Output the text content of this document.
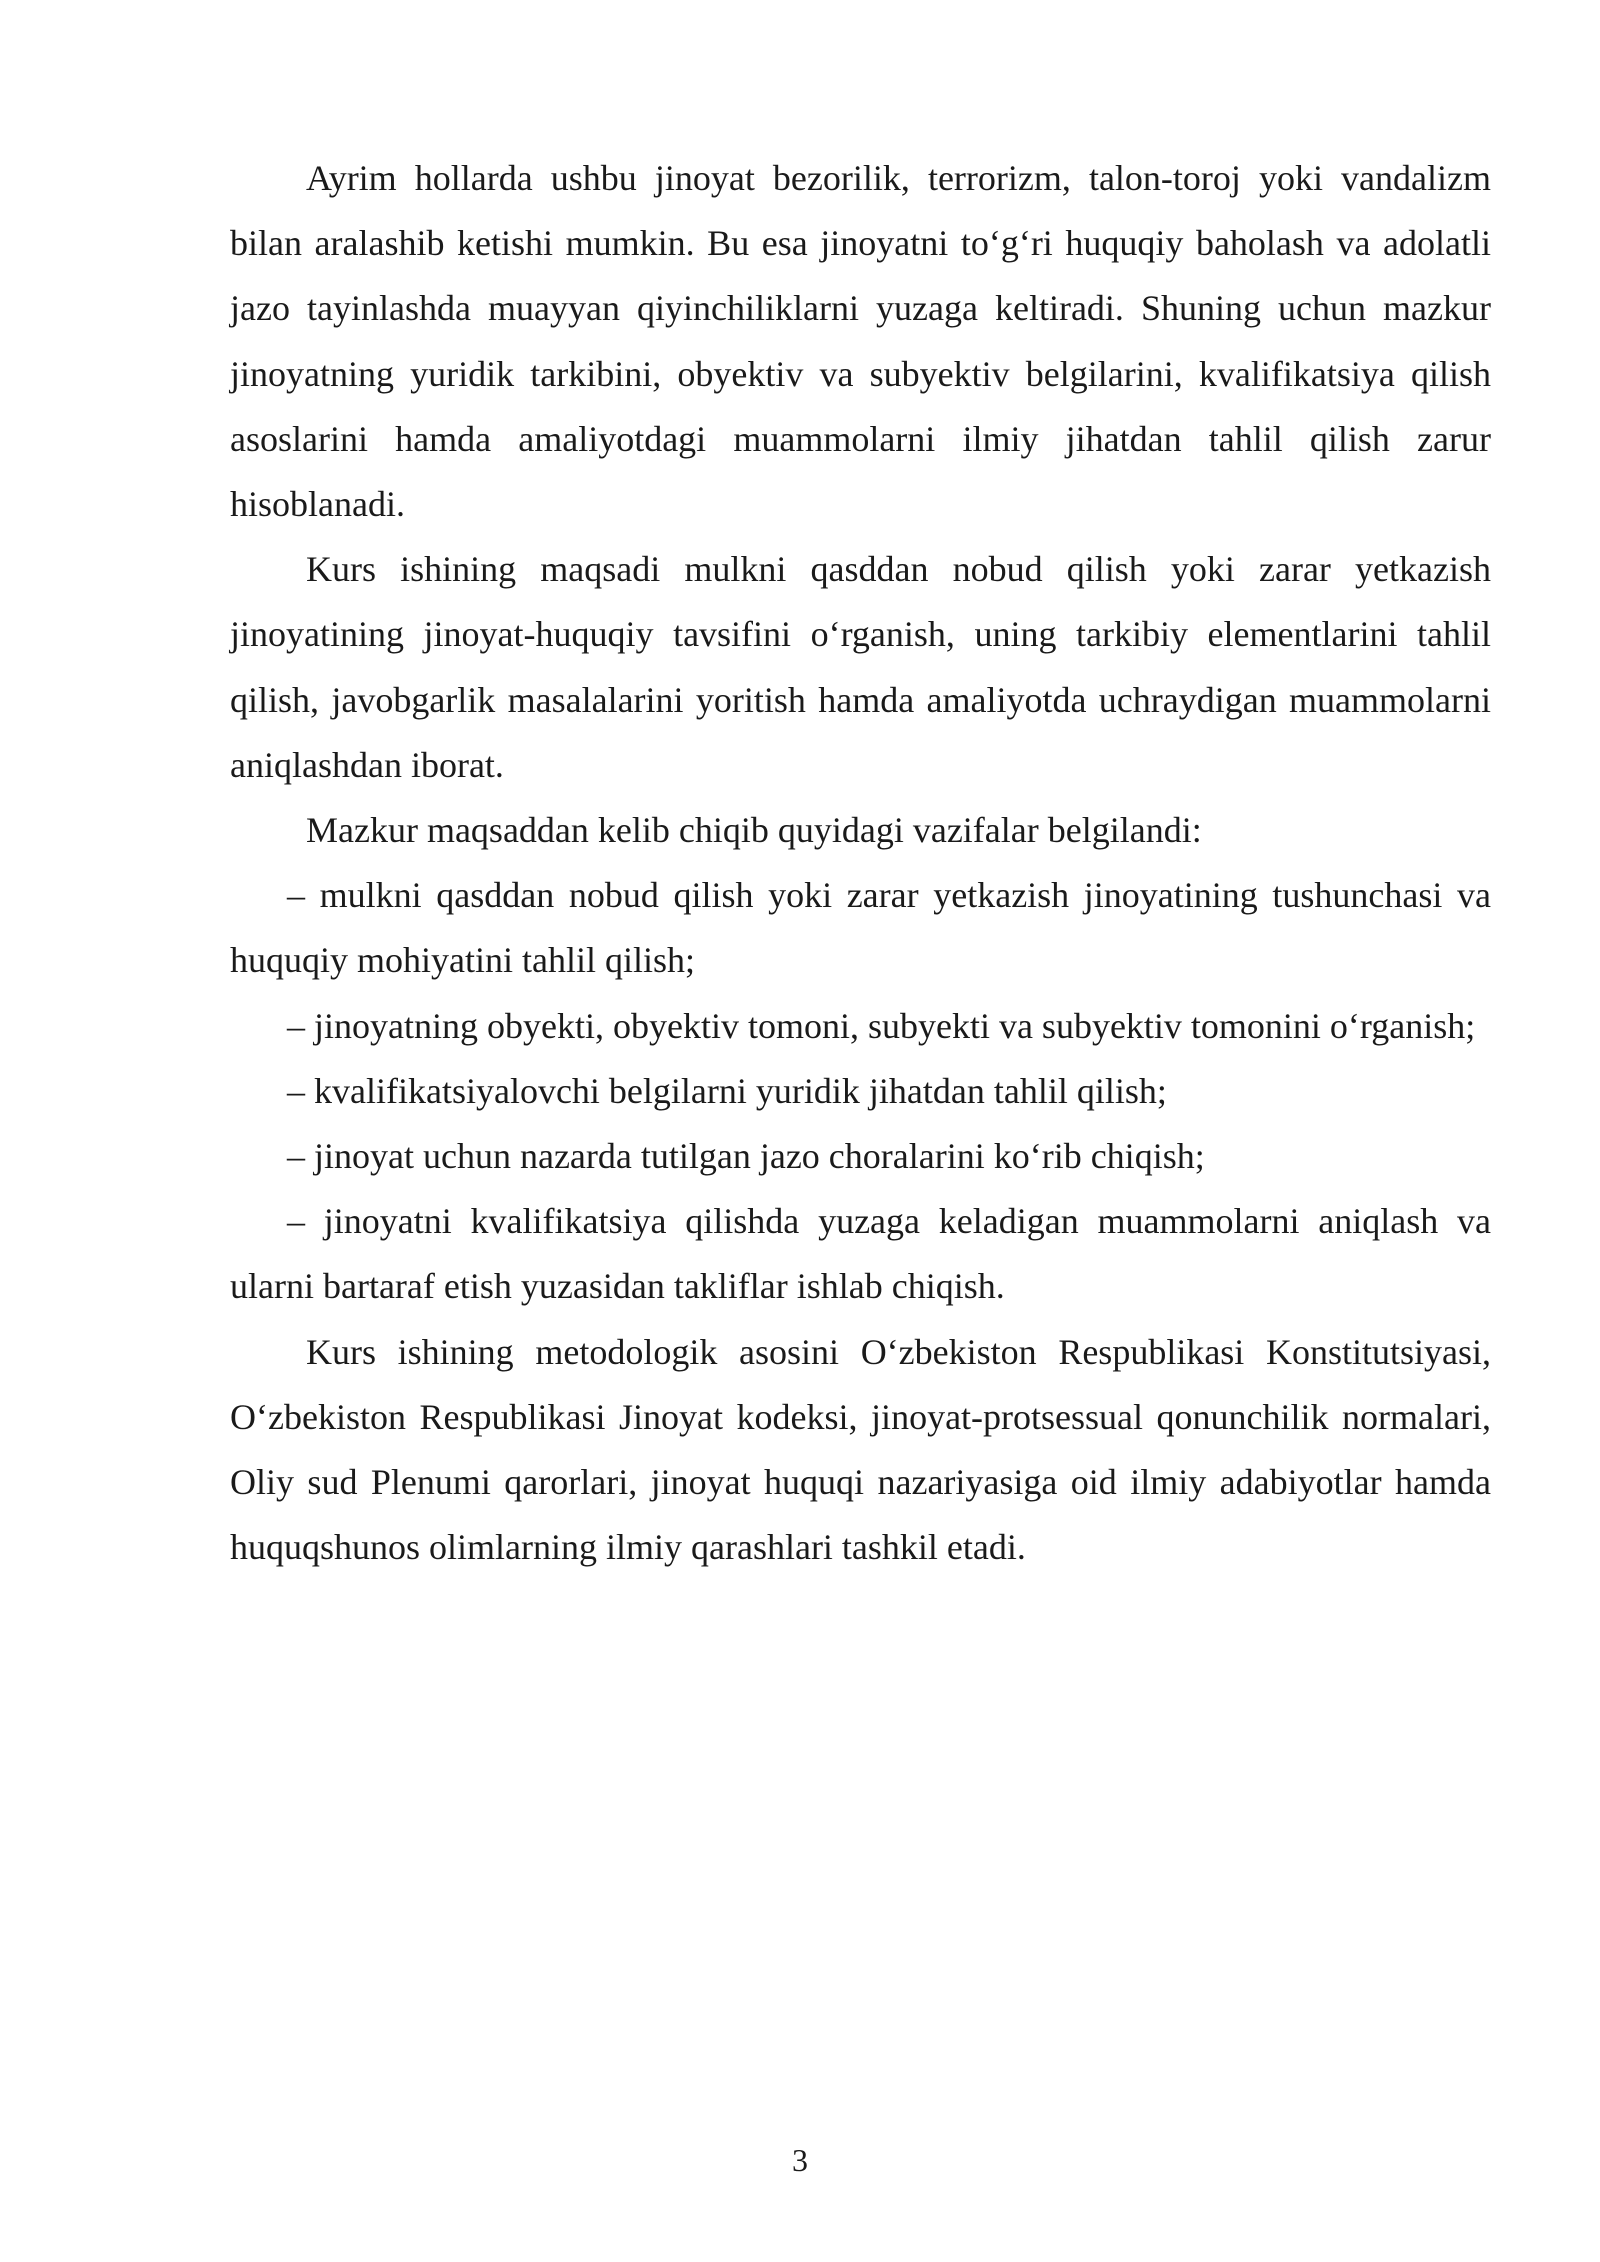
Ayrim hollarda ushbu jinoyat bezorilik, terrorizm, talon-toroj yoki vandalizm bilan aralashib ketishi mumkin. Bu esa jinoyatni to‘g‘ri huquqiy baholash va adolatli jazo tayinlashda muayyan qiyinchiliklarni yuzaga keltiradi. Shuning uchun mazkur jinoyatning yuridik tarkibini, obyektiv va subyektiv belgilarini, kvalifikatsiya qilish asoslarini hamda amaliyotdagi muammolarni ilmiy jihatdan tahlil qilish zarur hisoblanadi.

Kurs ishining maqsadi mulkni qasddan nobud qilish yoki zarar yetkazish jinoyatining jinoyat-huquqiy tavsifini o‘rganish, uning tarkibiy elementlarini tahlil qilish, javobgarlik masalalarini yoritish hamda amaliyotda uchraydigan muammolarni aniqlashdan iborat.

Mazkur maqsaddan kelib chiqib quyidagi vazifalar belgilandi:

– mulkni qasddan nobud qilish yoki zarar yetkazish jinoyatining tushunchasi va huquqiy mohiyatini tahlil qilish;

– jinoyatning obyekti, obyektiv tomoni, subyekti va subyektiv tomonini o‘rganish;

– kvalifikatsiyalovchi belgilarni yuridik jihatdan tahlil qilish;

– jinoyat uchun nazarda tutilgan jazo choralarini ko‘rib chiqish;

– jinoyatni kvalifikatsiya qilishda yuzaga keladigan muammolarni aniqlash va ularni bartaraf etish yuzasidan takliflar ishlab chiqish.

Kurs ishining metodologik asosini O‘zbekiston Respublikasi Konstitutsiyasi, O‘zbekiston Respublikasi Jinoyat kodeksi, jinoyat-protsessual qonunchilik normalari, Oliy sud Plenumi qarorlari, jinoyat huquqi nazariyasiga oid ilmiy adabiyotlar hamda huquqshunos olimlarning ilmiy qarashlari tashkil etadi.

3
